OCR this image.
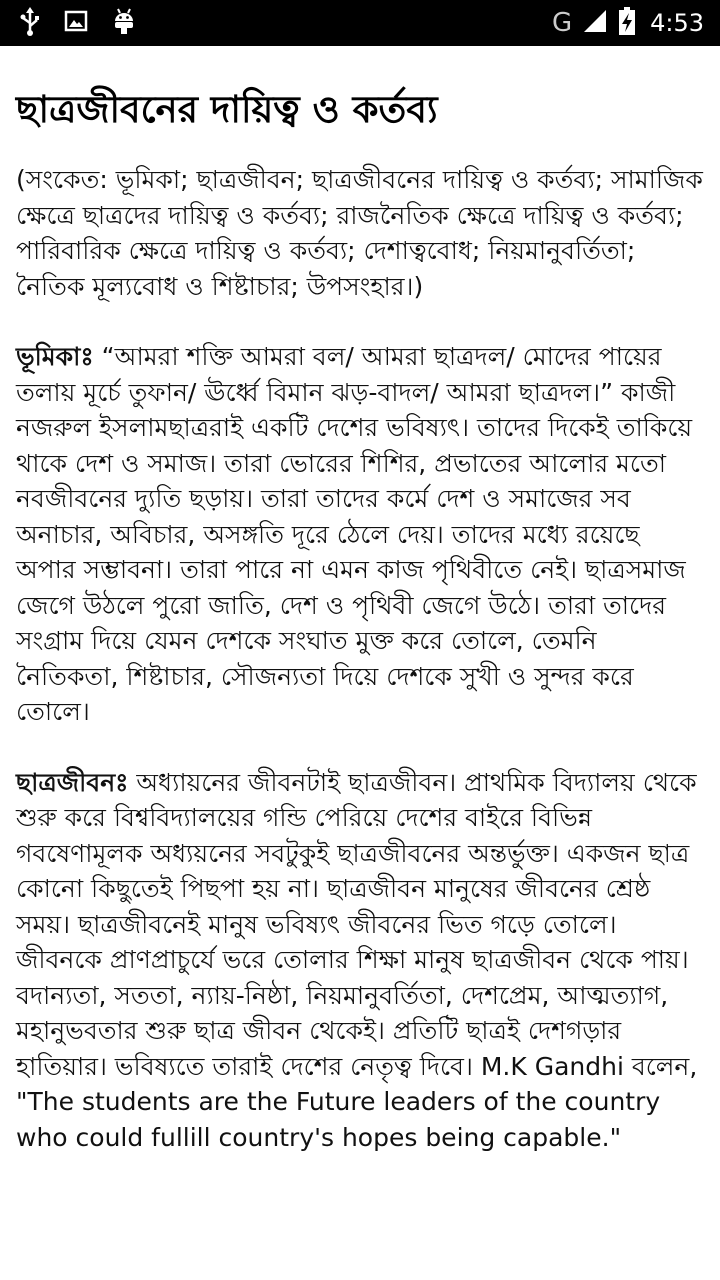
G	4:53
ছাত্রজীবনের দায়িত্ব ও কর্তব্য

(সংকেত: ভূমিকা; ছাত্রজীবন; ছাত্রজীবনের দায়িত্ব ও কর্তব্য; সামাজিক ক্ষেত্রে ছাত্রদের দায়িত্ব ও কর্তব্য; রাজনৈতিক ক্ষেত্রে দায়িত্ব ও কর্তব্য; পারিবারিক ক্ষেত্রে দায়িত্ব ও কর্তব্য; দেশাত্ববোধ; নিয়মানুবর্তিতা; নৈতিক মূল্যবোধ ও শিষ্টাচার; উপসংহার।)

ভূমিকাঃ “আমরা শক্তি আমরা বল/ আমরা ছাত্রদল/ মোদের পায়ের তলায় মূর্চে তুফান/ ঊর্ধ্বে বিমান ঝড়-বাদল/ আমরা ছাত্রদল।” কাজী নজরুল ইসলামছাত্ররাই একটি দেশের ভবিষ্যৎ। তাদের দিকেই তাকিয়ে থাকে দেশ ও সমাজ। তারা ভোরের শিশির, প্রভাতের আলোর মতো নবজীবনের দ্যুতি ছড়ায়। তারা তাদের কর্মে দেশ ও সমাজের সব অনাচার, অবিচার, অসঙ্গতি দূরে ঠেলে দেয়। তাদের মধ্যে রয়েছে অপার সম্ভাবনা। তারা পারে না এমন কাজ পৃথিবীতে নেই। ছাত্রসমাজ জেগে উঠলে পুরো জাতি, দেশ ও পৃথিবী জেগে উঠে। তারা তাদের সংগ্রাম দিয়ে যেমন দেশকে সংঘাত মুক্ত করে তোলে, তেমনি নৈতিকতা, শিষ্টাচার, সৌজন্যতা দিয়ে দেশকে সুখী ও সুন্দর করে তোলে।

ছাত্রজীবনঃ অধ্যায়নের জীবনটাই ছাত্রজীবন। প্রাথমিক বিদ্যালয় থেকে শুরু করে বিশ্ববিদ্যালয়ের গন্ডি পেরিয়ে দেশের বাইরে বিভিন্ন গবষেণামূলক অধ্যয়নের সবটুকুই ছাত্রজীবনের অন্তর্ভুক্ত। একজন ছাত্র কোনো কিছুতেই পিছপা হয় না। ছাত্রজীবন মানুষের জীবনের শ্রেষ্ঠ সময়। ছাত্রজীবনেই মানুষ ভবিষ্যৎ জীবনের ভিত গড়ে তোলে। জীবনকে প্রাণপ্রাচুর্যে ভরে তোলার শিক্ষা মানুষ ছাত্রজীবন থেকে পায়। বদান্যতা, সততা, ন্যায়-নিষ্ঠা, নিয়মানুবর্তিতা, দেশপ্রেম, আত্মত্যাগ, মহানুভবতার শুরু ছাত্র জীবন থেকেই। প্রতিটি ছাত্রই দেশগড়ার হাতিয়ার। ভবিষ্যতে তারাই দেশের নেতৃত্ব দিবে। M.K Gandhi বলেন, "The students are the Future leaders of the country who could fullill country's hopes being capable."
